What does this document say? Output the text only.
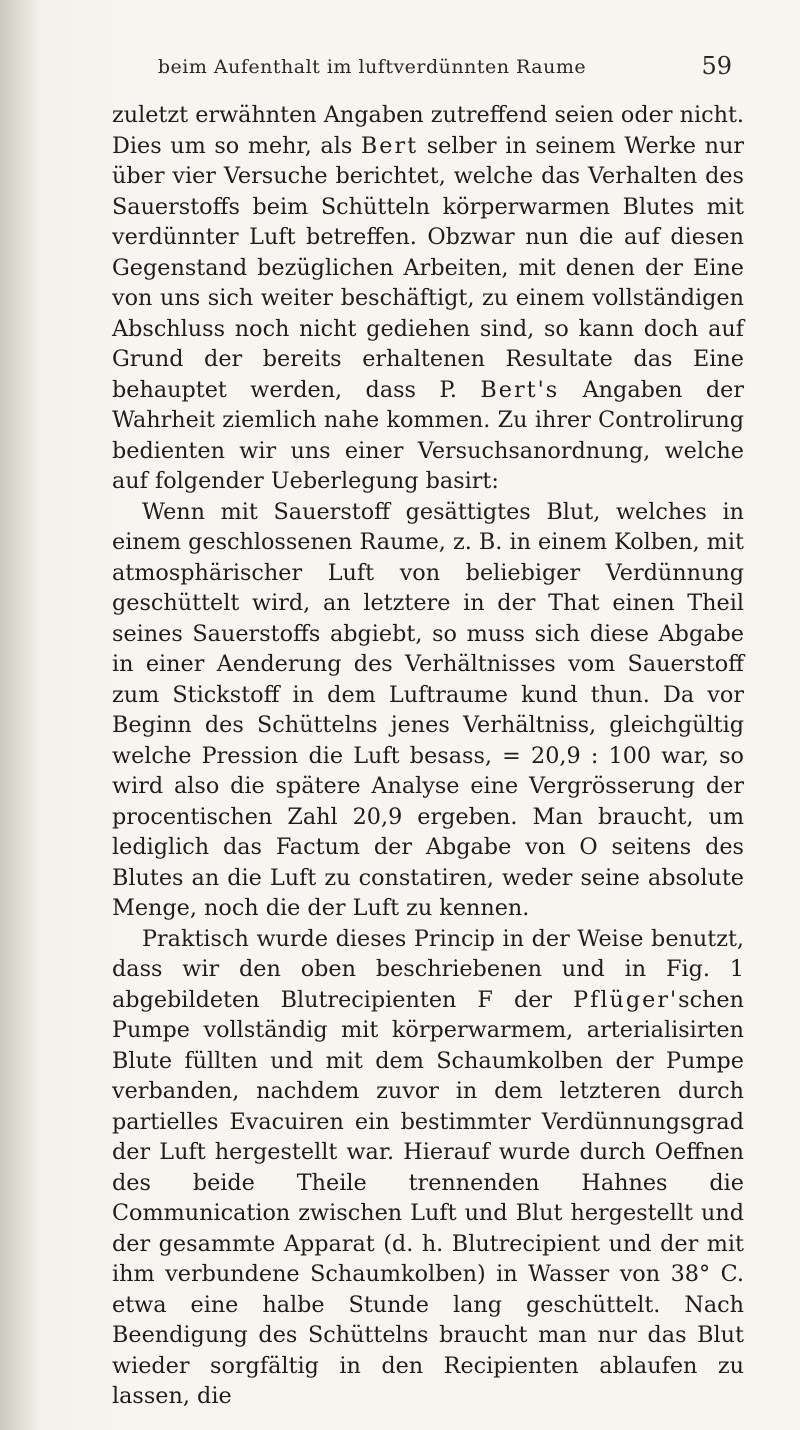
beim Aufenthalt im luftverdünnten Raume	59

zuletzt erwähnten Angaben zutreffend seien oder nicht. Dies um so mehr, als Bert selber in seinem Werke nur über vier Versuche berichtet, welche das Verhalten des Sauerstoffs beim Schütteln körperwarmen Blutes mit verdünnter Luft betreffen. Obzwar nun die auf diesen Gegenstand bezüglichen Arbeiten, mit denen der Eine von uns sich weiter beschäftigt, zu einem vollständigen Abschluss noch nicht gediehen sind, so kann doch auf Grund der bereits erhaltenen Resultate das Eine behauptet werden, dass P. Bert's Angaben der Wahrheit ziemlich nahe kommen. Zu ihrer Controlirung bedienten wir uns einer Versuchsanordnung, welche auf folgender Ueberlegung basirt:

Wenn mit Sauerstoff gesättigtes Blut, welches in einem geschlossenen Raume, z. B. in einem Kolben, mit atmosphärischer Luft von beliebiger Verdünnung geschüttelt wird, an letztere in der That einen Theil seines Sauerstoffs abgiebt, so muss sich diese Abgabe in einer Aenderung des Verhältnisses vom Sauerstoff zum Stickstoff in dem Luftraume kund thun. Da vor Beginn des Schüttelns jenes Verhältniss, gleichgültig welche Pression die Luft besass, = 20,9 : 100 war, so wird also die spätere Analyse eine Vergrösserung der procentischen Zahl 20,9 ergeben. Man braucht, um lediglich das Factum der Abgabe von O seitens des Blutes an die Luft zu constatiren, weder seine absolute Menge, noch die der Luft zu kennen.

Praktisch wurde dieses Princip in der Weise benutzt, dass wir den oben beschriebenen und in Fig. 1 abgebildeten Blutrecipienten F der Pflüger'schen Pumpe vollständig mit körperwarmem, arterialisirten Blute füllten und mit dem Schaumkolben der Pumpe verbanden, nachdem zuvor in dem letzteren durch partielles Evacuiren ein bestimmter Verdünnungsgrad der Luft hergestellt war. Hierauf wurde durch Oeffnen des beide Theile trennenden Hahnes die Communication zwischen Luft und Blut hergestellt und der gesammte Apparat (d. h. Blutrecipient und der mit ihm verbundene Schaumkolben) in Wasser von 38° C. etwa eine halbe Stunde lang geschüttelt. Nach Beendigung des Schüttelns braucht man nur das Blut wieder sorgfältig in den Recipienten ablaufen zu lassen, die
